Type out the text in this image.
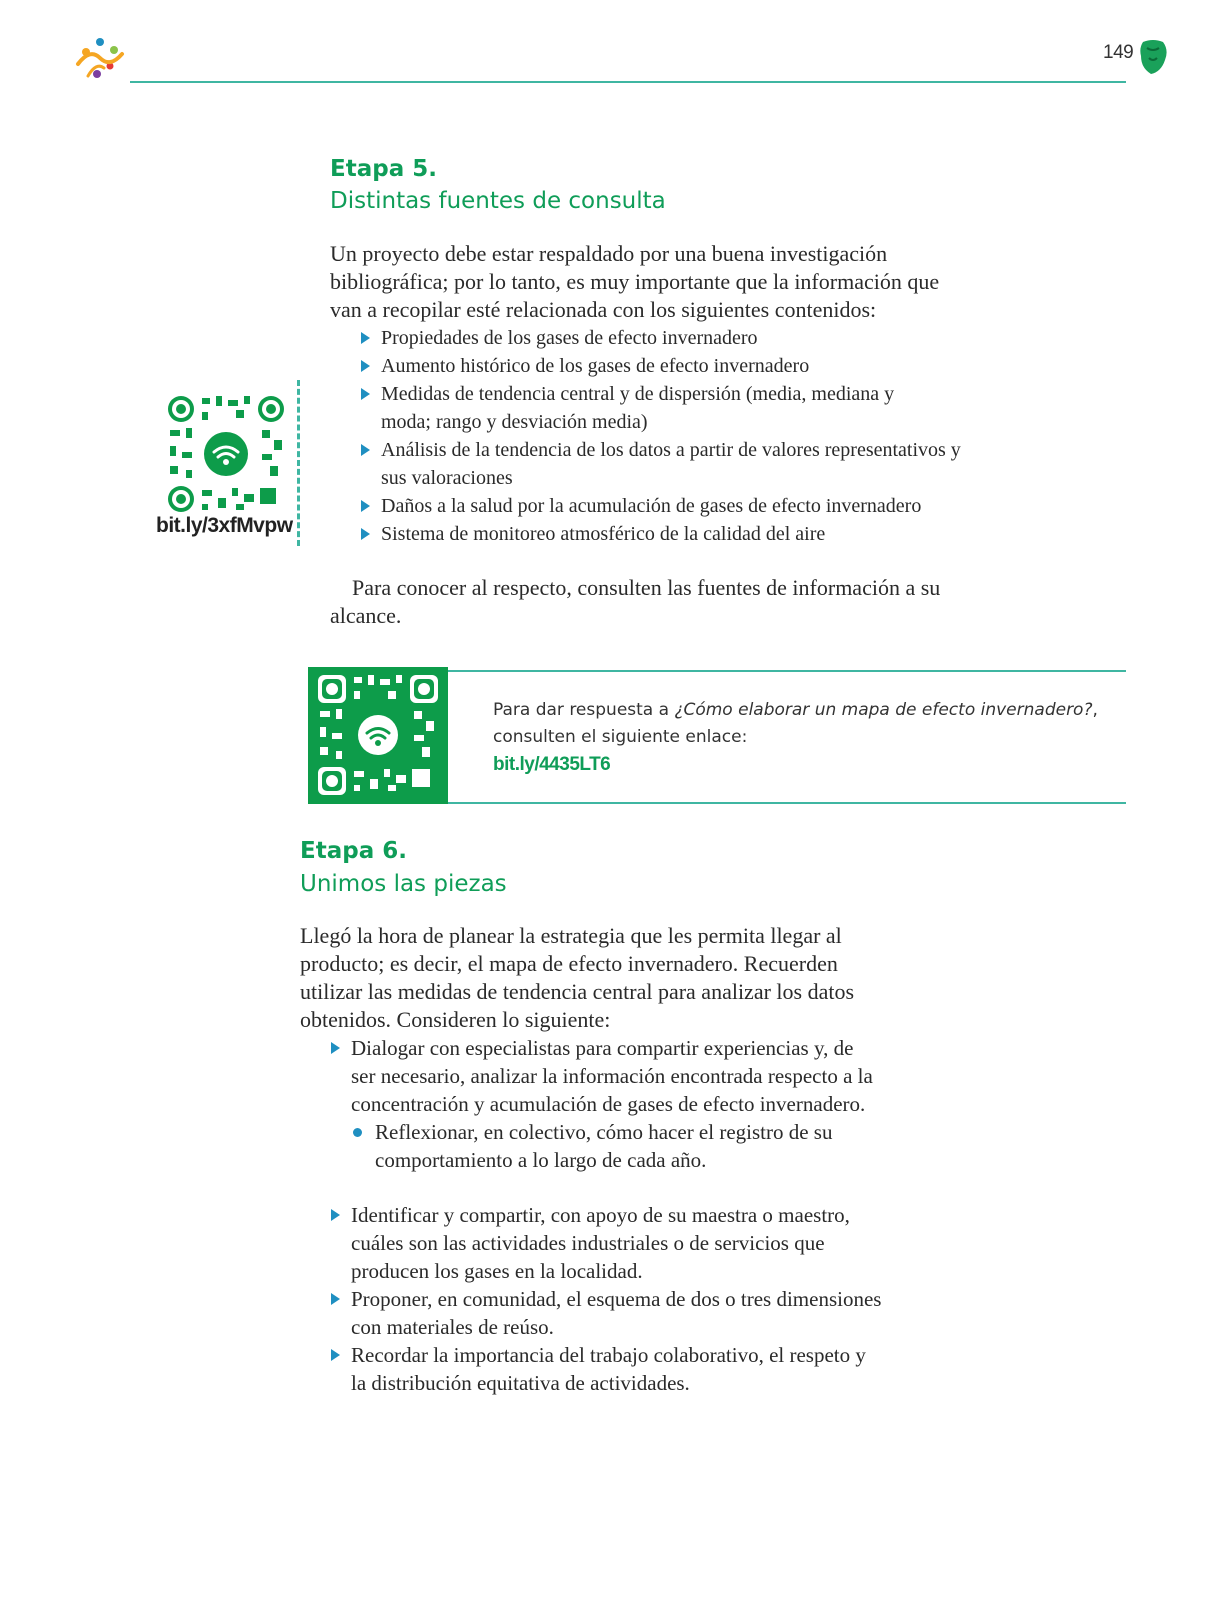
149
Etapa 5.
Distintas fuentes de consulta
Un proyecto debe estar respaldado por una buena investigación bibliográfica; por lo tanto, es muy importante que la información que van a recopilar esté relacionada con los siguientes contenidos:
Propiedades de los gases de efecto invernadero
Aumento histórico de los gases de efecto invernadero
Medidas de tendencia central y de dispersión (media, mediana y moda; rango y desviación media)
Análisis de la tendencia de los datos a partir de valores representativos y sus valoraciones
Daños a la salud por la acumulación de gases de efecto invernadero
Sistema de monitoreo atmosférico de la calidad del aire
Para conocer al respecto, consulten las fuentes de información a su alcance.
bit.ly/3xfMvpw
Para dar respuesta a ¿Cómo elaborar un mapa de efecto invernadero?, consulten el siguiente enlace:
bit.ly/4435LT6
Etapa 6.
Unimos las piezas
Llegó la hora de planear la estrategia que les permita llegar al producto; es decir, el mapa de efecto invernadero. Recuerden utilizar las medidas de tendencia central para analizar los datos obtenidos. Consideren lo siguiente:
Dialogar con especialistas para compartir experiencias y, de ser necesario, analizar la información encontrada respecto a la concentración y acumulación de gases de efecto invernadero.
Reflexionar, en colectivo, cómo hacer el registro de su comportamiento a lo largo de cada año.
Identificar y compartir, con apoyo de su maestra o maestro, cuáles son las actividades industriales o de servicios que producen los gases en la localidad.
Proponer, en comunidad, el esquema de dos o tres dimensiones con materiales de reúso.
Recordar la importancia del trabajo colaborativo, el respeto y la distribución equitativa de actividades.
